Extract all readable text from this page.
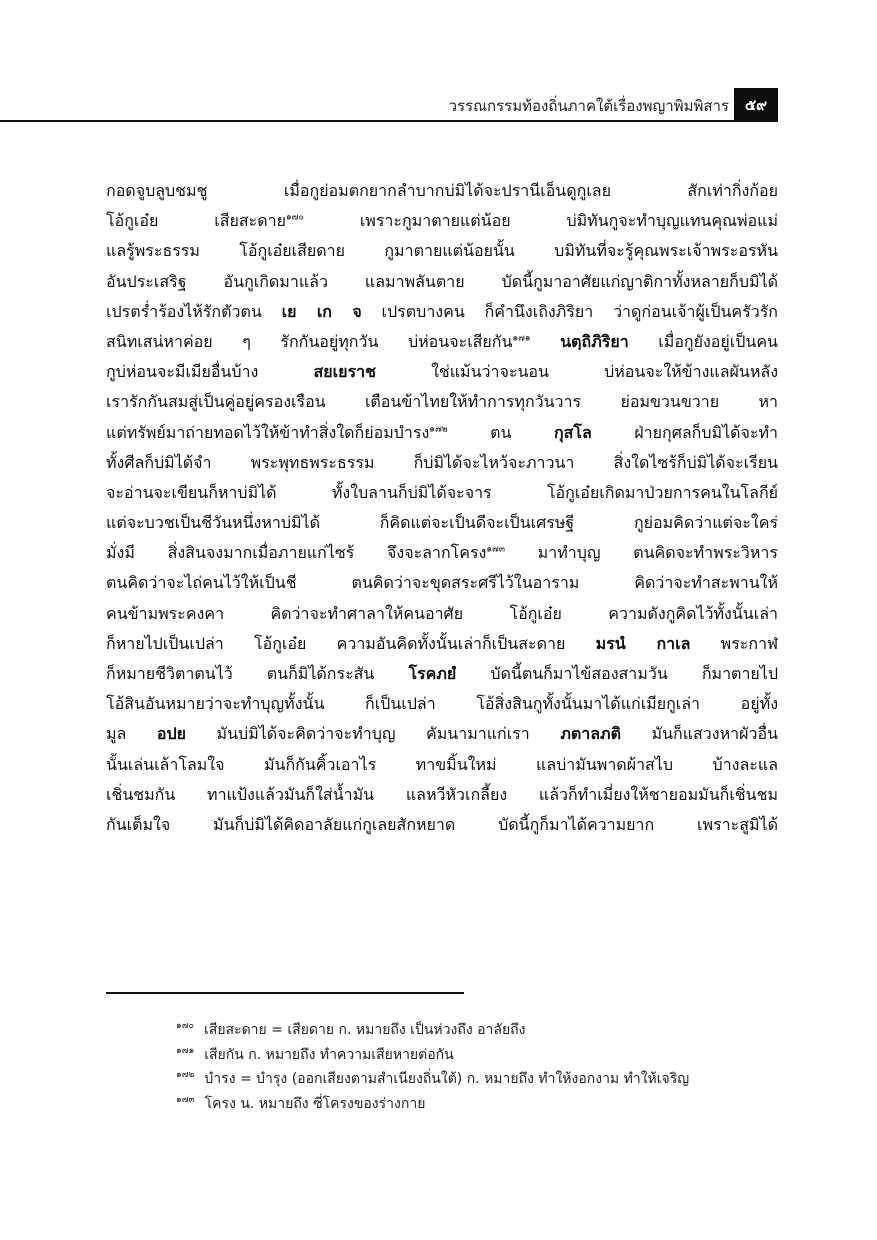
วรรณกรรมท้องถิ่นภาคใต้เรื่องพญาพิมพิสาร	๕๙
กอดจูบลูบชมชู เมื่อกูย่อมตกยากลำบากบ่มิได้จะปรานีเอ็นดูกูเลย สักเท่ากิ่งก้อย
โอ้กูเอ๋ย เสียสะดาย$^{๑๗๐}$ เพราะกูมาตายแต่น้อย บ่มิทันกูจะทำบุญแทนคุณพ่อแม่
แลรู้พระธรรม โอ้กูเอ๋ยเสียดาย กูมาตายแต่น้อยนั้น บมิทันที่จะรู้คุณพระเจ้าพระอรหัน
อันประเสริฐ อันกูเกิดมาแล้ว แลมาพลันตาย บัดนี้กูมาอาศัยแก่ญาติกาทั้งหลายก็บมิได้
เปรตร่ำร้องไห้รักตัวตน เย เก จ เปรตบางคน ก็คำนึงเถิงภิริยา ว่าดูก่อนเจ้าผู้เป็นครัวรัก
สนิทเสน่หาค่อย ๆ รักกันอยู่ทุกวัน บ่ห่อนจะเสียกัน$^{๑๗๑}$ นตฺถิภิริยา เมื่อกูยังอยู่เป็นคน
กูบ่ห่อนจะมีเมียอื่นบ้าง สยเยราช ใช่แม้นว่าจะนอน บ่ห่อนจะให้ข้างแลผันหลัง
เรารักกันสมสู่เป็นคู่อยู่ครองเรือน เตือนข้าไทยให้ทำการทุกวันวาร ย่อมขวนขวาย หา
แต่ทรัพย์มาถ่ายทอดไว้ให้ข้าทำสิ่งใดก็ย่อมบำรง$^{๑๗๒}$ ตน กุสโล ฝ่ายกุศลก็บมิได้จะทำ
ทั้งศีลก็บ่มิได้จำ พระพุทธพระธรรม ก็บ่มิได้จะไหว้จะภาวนา สิ่งใดไซร้ก็บ่มิได้จะเรียน
จะอ่านจะเขียนก็หาบ่มิได้ ทั้งใบลานก็บ่มิได้จะจาร โอ้กูเอ๋ยเกิดมาป่วยการคนในโลกีย์
แต่จะบวชเป็นชีวันหนึ่งหาบ่มิได้ ก็คิดแต่จะเป็นดีจะเป็นเศรษฐี กูย่อมคิดว่าแต่จะใคร่
มั่งมี สิ่งสินจงมากเมื่อภายแก่ไซร้ จึงจะลากโครง$^{๑๗๓}$ มาทำบุญ ตนคิดจะทำพระวิหาร
ตนคิดว่าจะไถ่คนไว้ให้เป็นชี ตนคิดว่าจะขุดสระศรีไว้ในอาราม คิดว่าจะทำสะพานให้
คนข้ามพระคงคา คิดว่าจะทำศาลาให้คนอาศัย โอ้กูเอ๋ย ความดังกูคิดไว้ทั้งนั้นเล่า
ก็หายไปเป็นเปล่า โอ้กูเอ๋ย ความอันคิดทั้งนั้นเล่าก็เป็นสะดาย มรนํ กาเล พระกาฬ
ก็หมายชีวิตาตนไว้ ตนก็มิได้กระสัน โรคภยํ บัดนี้ตนก็มาไข้สองสามวัน ก็มาตายไป
โอ้สินอันหมายว่าจะทำบุญทั้งนั้น ก็เป็นเปล่า โอ้สิ่งสินกูทั้งนั้นมาได้แก่เมียกูเล่า อยู่ทั้ง
มูล อปย มันบ่มิได้จะคิดว่าจะทำบุญ คัมนามาแก่เรา ภตาลภติ มันก็แสวงหาผัวอื่น
นั้นเล่นเล้าโลมใจ มันก็กันคิ้วเอาไร ทาขมิ้นใหม่ แลบ่ามันพาดผ้าสไบ บ้างละแล
เชิ่นชมกัน ทาแป้งแล้วมันก็ใส่น้ำมัน แลหวีหัวเกลี้ยง แล้วก็ทำเมี่ยงให้ชายอมมันก็เชิ่นชม
กันเต็มใจ มันก็บ่มิได้คิดอาลัยแก่กูเลยสักหยาด บัดนี้กูก็มาได้ความยาก เพราะสูมิได้
$^{๑๗๐}$ เสียสะดาย = เสียดาย ก. หมายถึง เป็นห่วงถึง อาลัยถึง
$^{๑๗๑}$ เสียกัน ก. หมายถึง ทำความเสียหายต่อกัน
$^{๑๗๒}$ บำรง = บำรุง (ออกเสียงตามสำเนียงถิ่นใต้) ก. หมายถึง ทำให้งอกงาม ทำให้เจริญ
$^{๑๗๓}$ โครง น. หมายถึง ซี่โครงของร่างกาย
